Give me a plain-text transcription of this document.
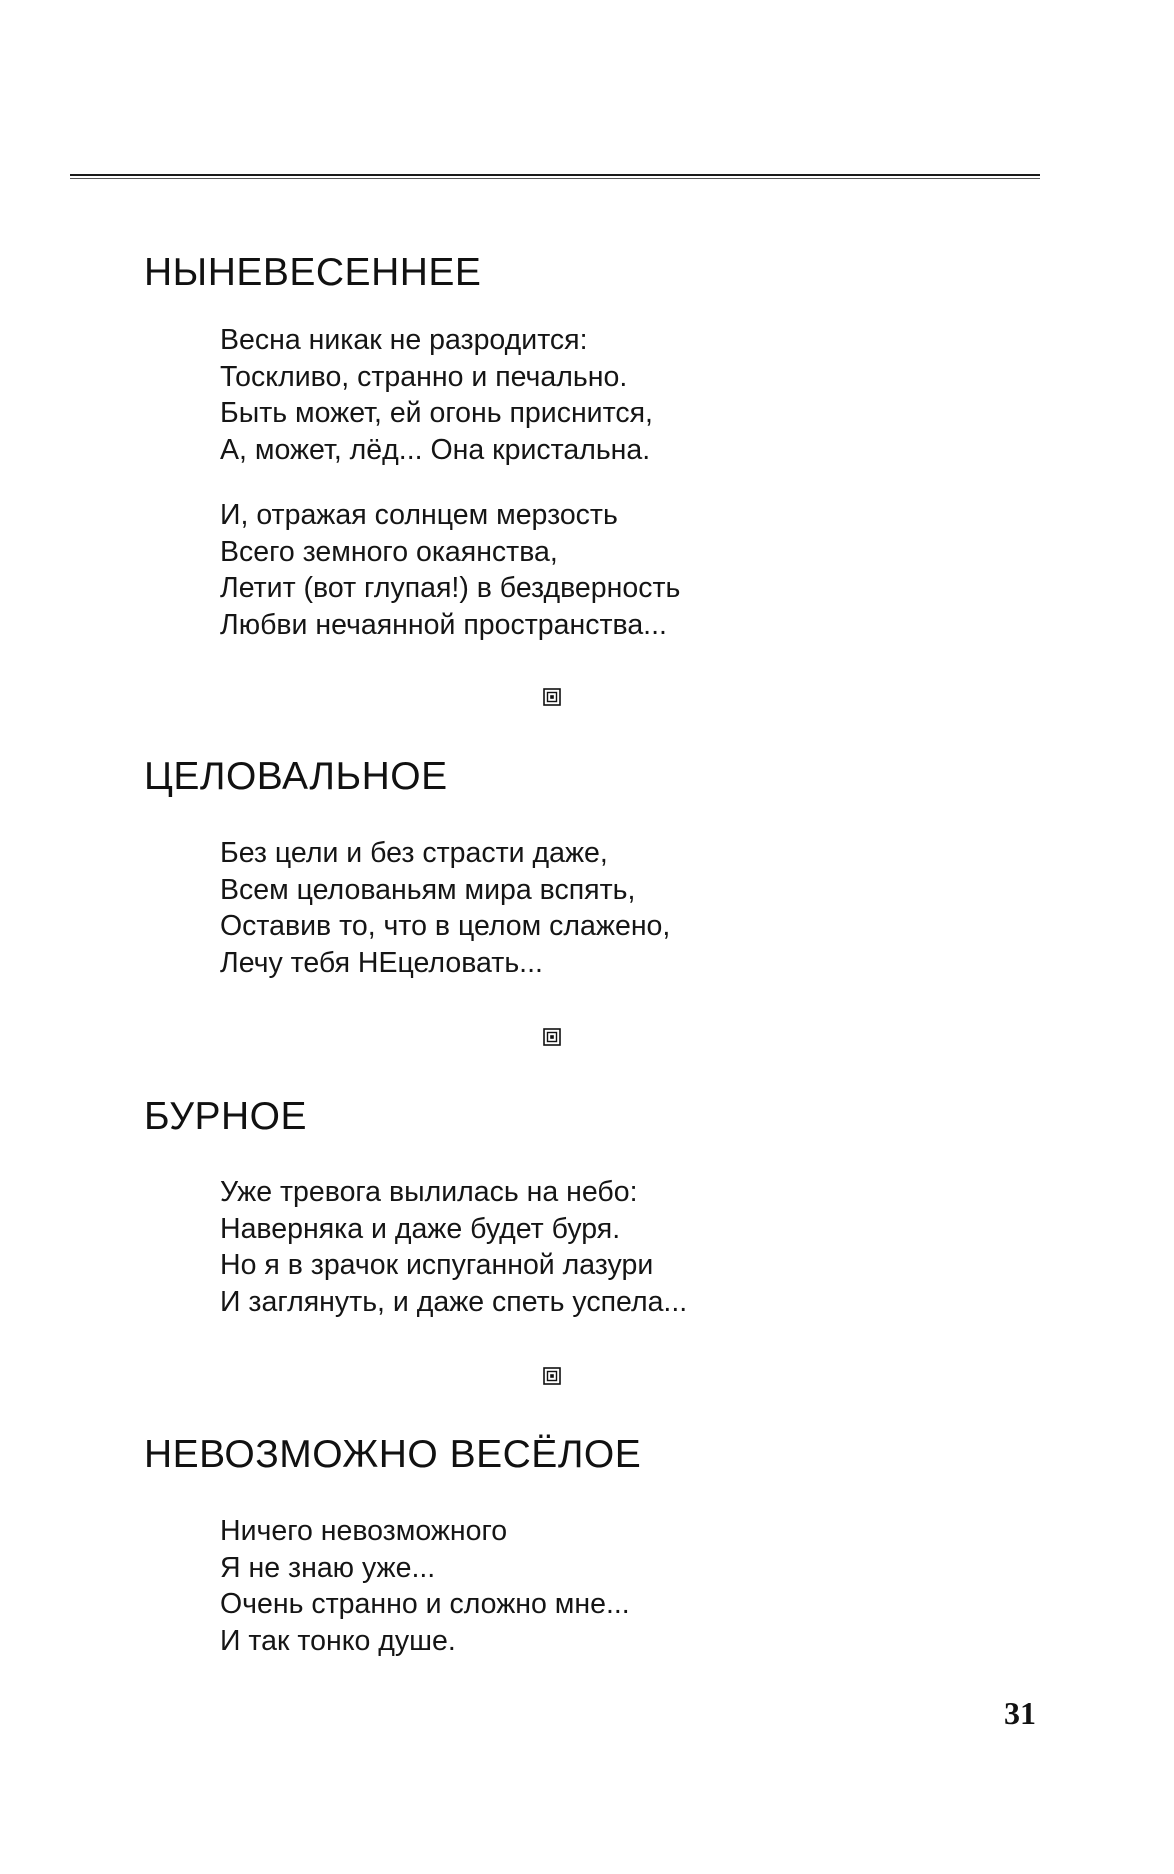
НЫНЕВЕСЕННЕЕ
Весна никак не разродится:
Тоскливо, странно и печально.
Быть может, ей огонь приснится,
А, может, лёд... Она кристальна.
И, отражая солнцем мерзость
Всего земного окаянства,
Летит (вот глупая!) в бездверность
Любви нечаянной пространства...
ЦЕЛОВАЛЬНОЕ
Без цели и без страсти даже,
Всем целованьям мира вспять,
Оставив то, что в целом слажено,
Лечу тебя НЕцеловать...
БУРНОЕ
Уже тревога вылилась на небо:
Наверняка и даже будет буря.
Но я в зрачок испуганной лазури
И заглянуть, и даже спеть успела...
НЕВОЗМОЖНО ВЕСЁЛОЕ
Ничего невозможного
Я не знаю уже...
Очень странно и сложно мне...
И так тонко душе.
31
